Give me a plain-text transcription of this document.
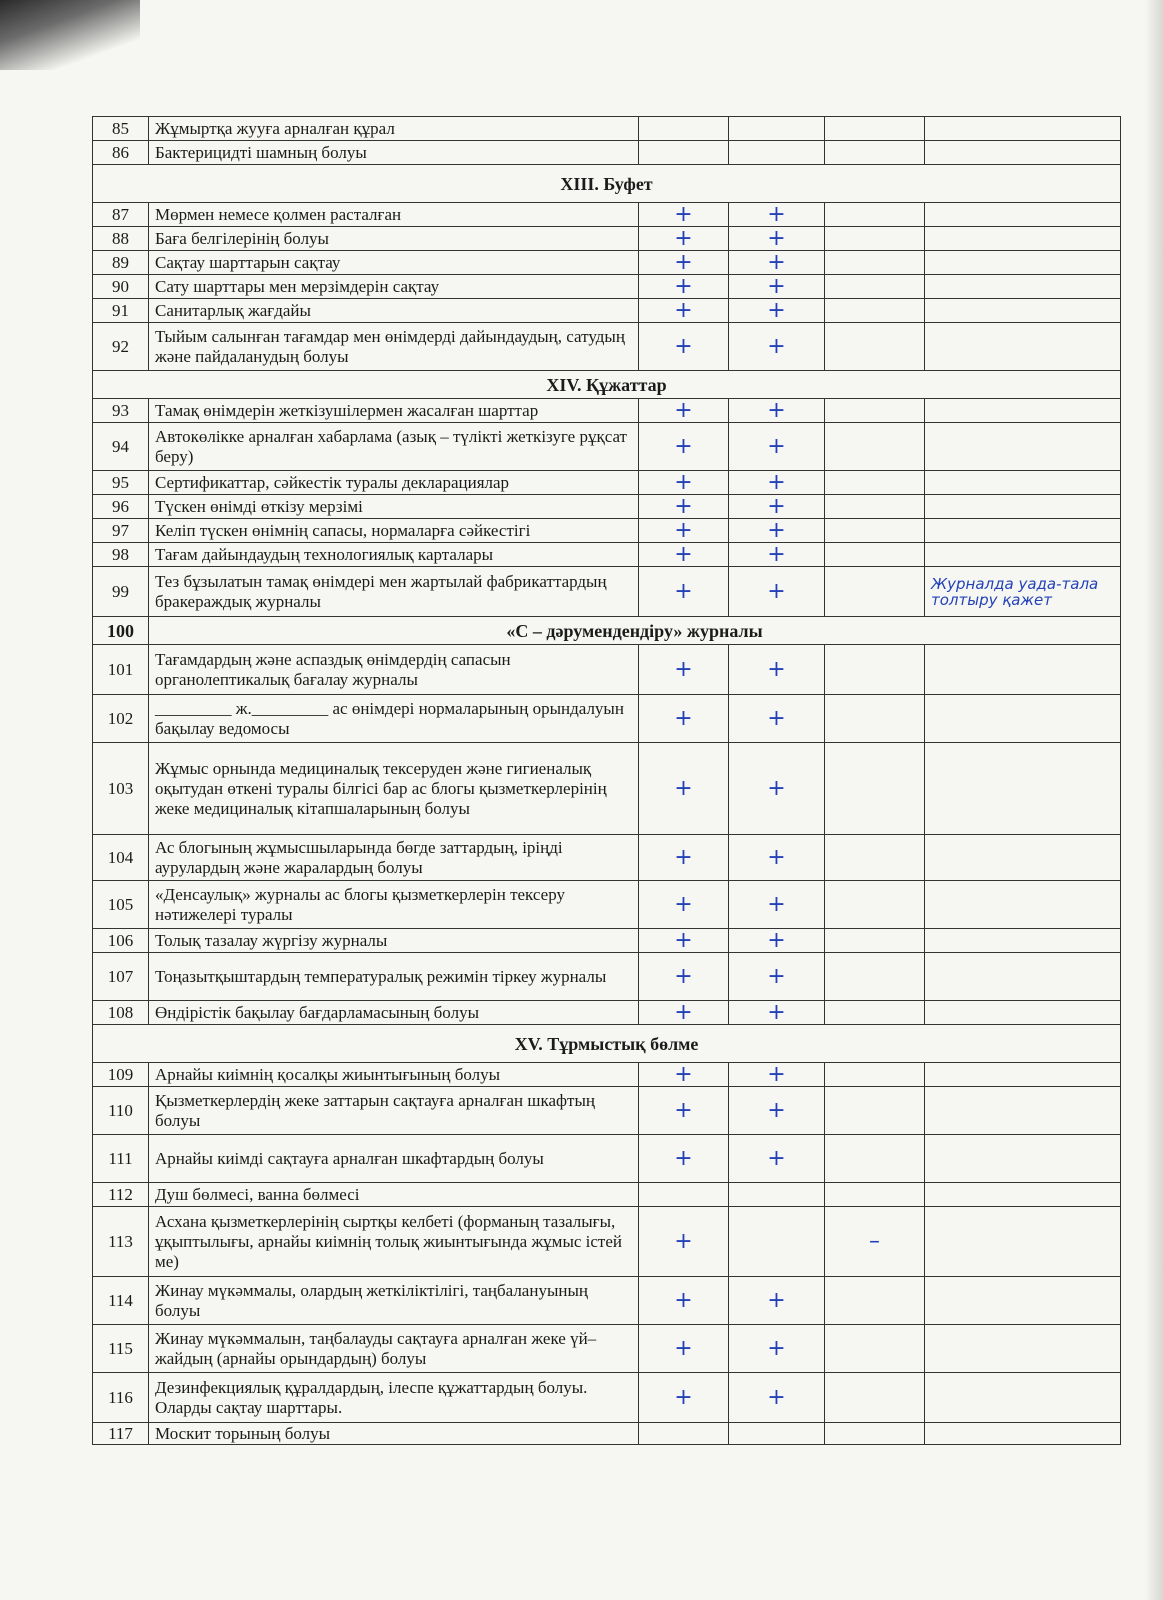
85	Жұмыртқа жууға арналған құрал				
86	Бактерицидті шамның болуы				
XIII. Буфет					
87	Мөрмен немесе қолмен расталған	+	+		
88	Баға белгілерінің болуы	+	+		
89	Сақтау шарттарын сақтау	+	+		
90	Сату шарттары мен мерзімдерін сақтау	+	+		
91	Санитарлық жағдайы	+	+		
92	Тыйым салынған тағамдар мен өнімдерді дайындаудың, сатудың және пайдаланудың болуы	+	+		
XIV. Құжаттар					
93	Тамақ өнімдерін жеткізушілермен жасалған шарттар	+	+		
94	Автокөлікке арналған хабарлама (азық – түлікті жеткізуге рұқсат беру)	+	+		
95	Сертификаттар, сәйкестік туралы декларациялар	+	+		
96	Түскен өнімді өткізу мерзімі	+	+		
97	Келіп түскен өнімнің сапасы, нормаларға сәйкестігі	+	+		
98	Тағам дайындаудың технологиялық карталары	+	+		
99	Тез бұзылатын тамақ өнімдері мен жартылай фабрикаттардың бракераждық журналы	+	+		Журналда уада-тала толтыру қажет
100	«С – дәрумендендіру» журналы				
101	Тағамдардың және аспаздық өнімдердің сапасын органолептикалық бағалау журналы	+	+		
102	_________ ж._________ ас өнімдері нормаларының орындалуын бақылау ведомосы	+	+		
103	Жұмыс орнында медициналық тексеруден және гигиеналық оқытудан өткені туралы білгісі бар ас блогы қызметкерлерінің жеке медициналық кітапшаларының болуы	+	+		
104	Ас блогының жұмысшыларында бөгде заттардың, іріңді аурулардың және жаралардың болуы	+	+		
105	«Денсаулық» журналы ас блогы қызметкерлерін тексеру нәтижелері туралы	+	+		
106	Толық тазалау жүргізу журналы	+	+		
107	Тоңазытқыштардың температуралық режимін тіркеу журналы	+	+		
108	Өндірістік бақылау бағдарламасының болуы	+	+		
XV. Тұрмыстық бөлме					
109	Арнайы киімнің қосалқы жиынтығының болуы	+	+		
110	Қызметкерлердің жеке заттарын сақтауға арналған шкафтың болуы	+	+		
111	Арнайы киімді сақтауға арналған шкафтардың болуы	+	+		
112	Душ бөлмесі, ванна бөлмесі				
113	Асхана қызметкерлерінің сыртқы келбеті (форманың тазалығы, ұқыптылығы, арнайы киімнің толық жиынтығында жұмыс істей ме)	+		–	
114	Жинау мүкәммалы, олардың жеткіліктілігі, таңбалануының болуы	+	+		
115	Жинау мүкәммалын, таңбалауды сақтауға арналған жеке үй–жайдың (арнайы орындардың) болуы	+	+		
116	Дезинфекциялық құралдардың, ілеспе құжаттардың болуы. Оларды сақтау шарттары.	+	+		
117	Москит торының болуы				
